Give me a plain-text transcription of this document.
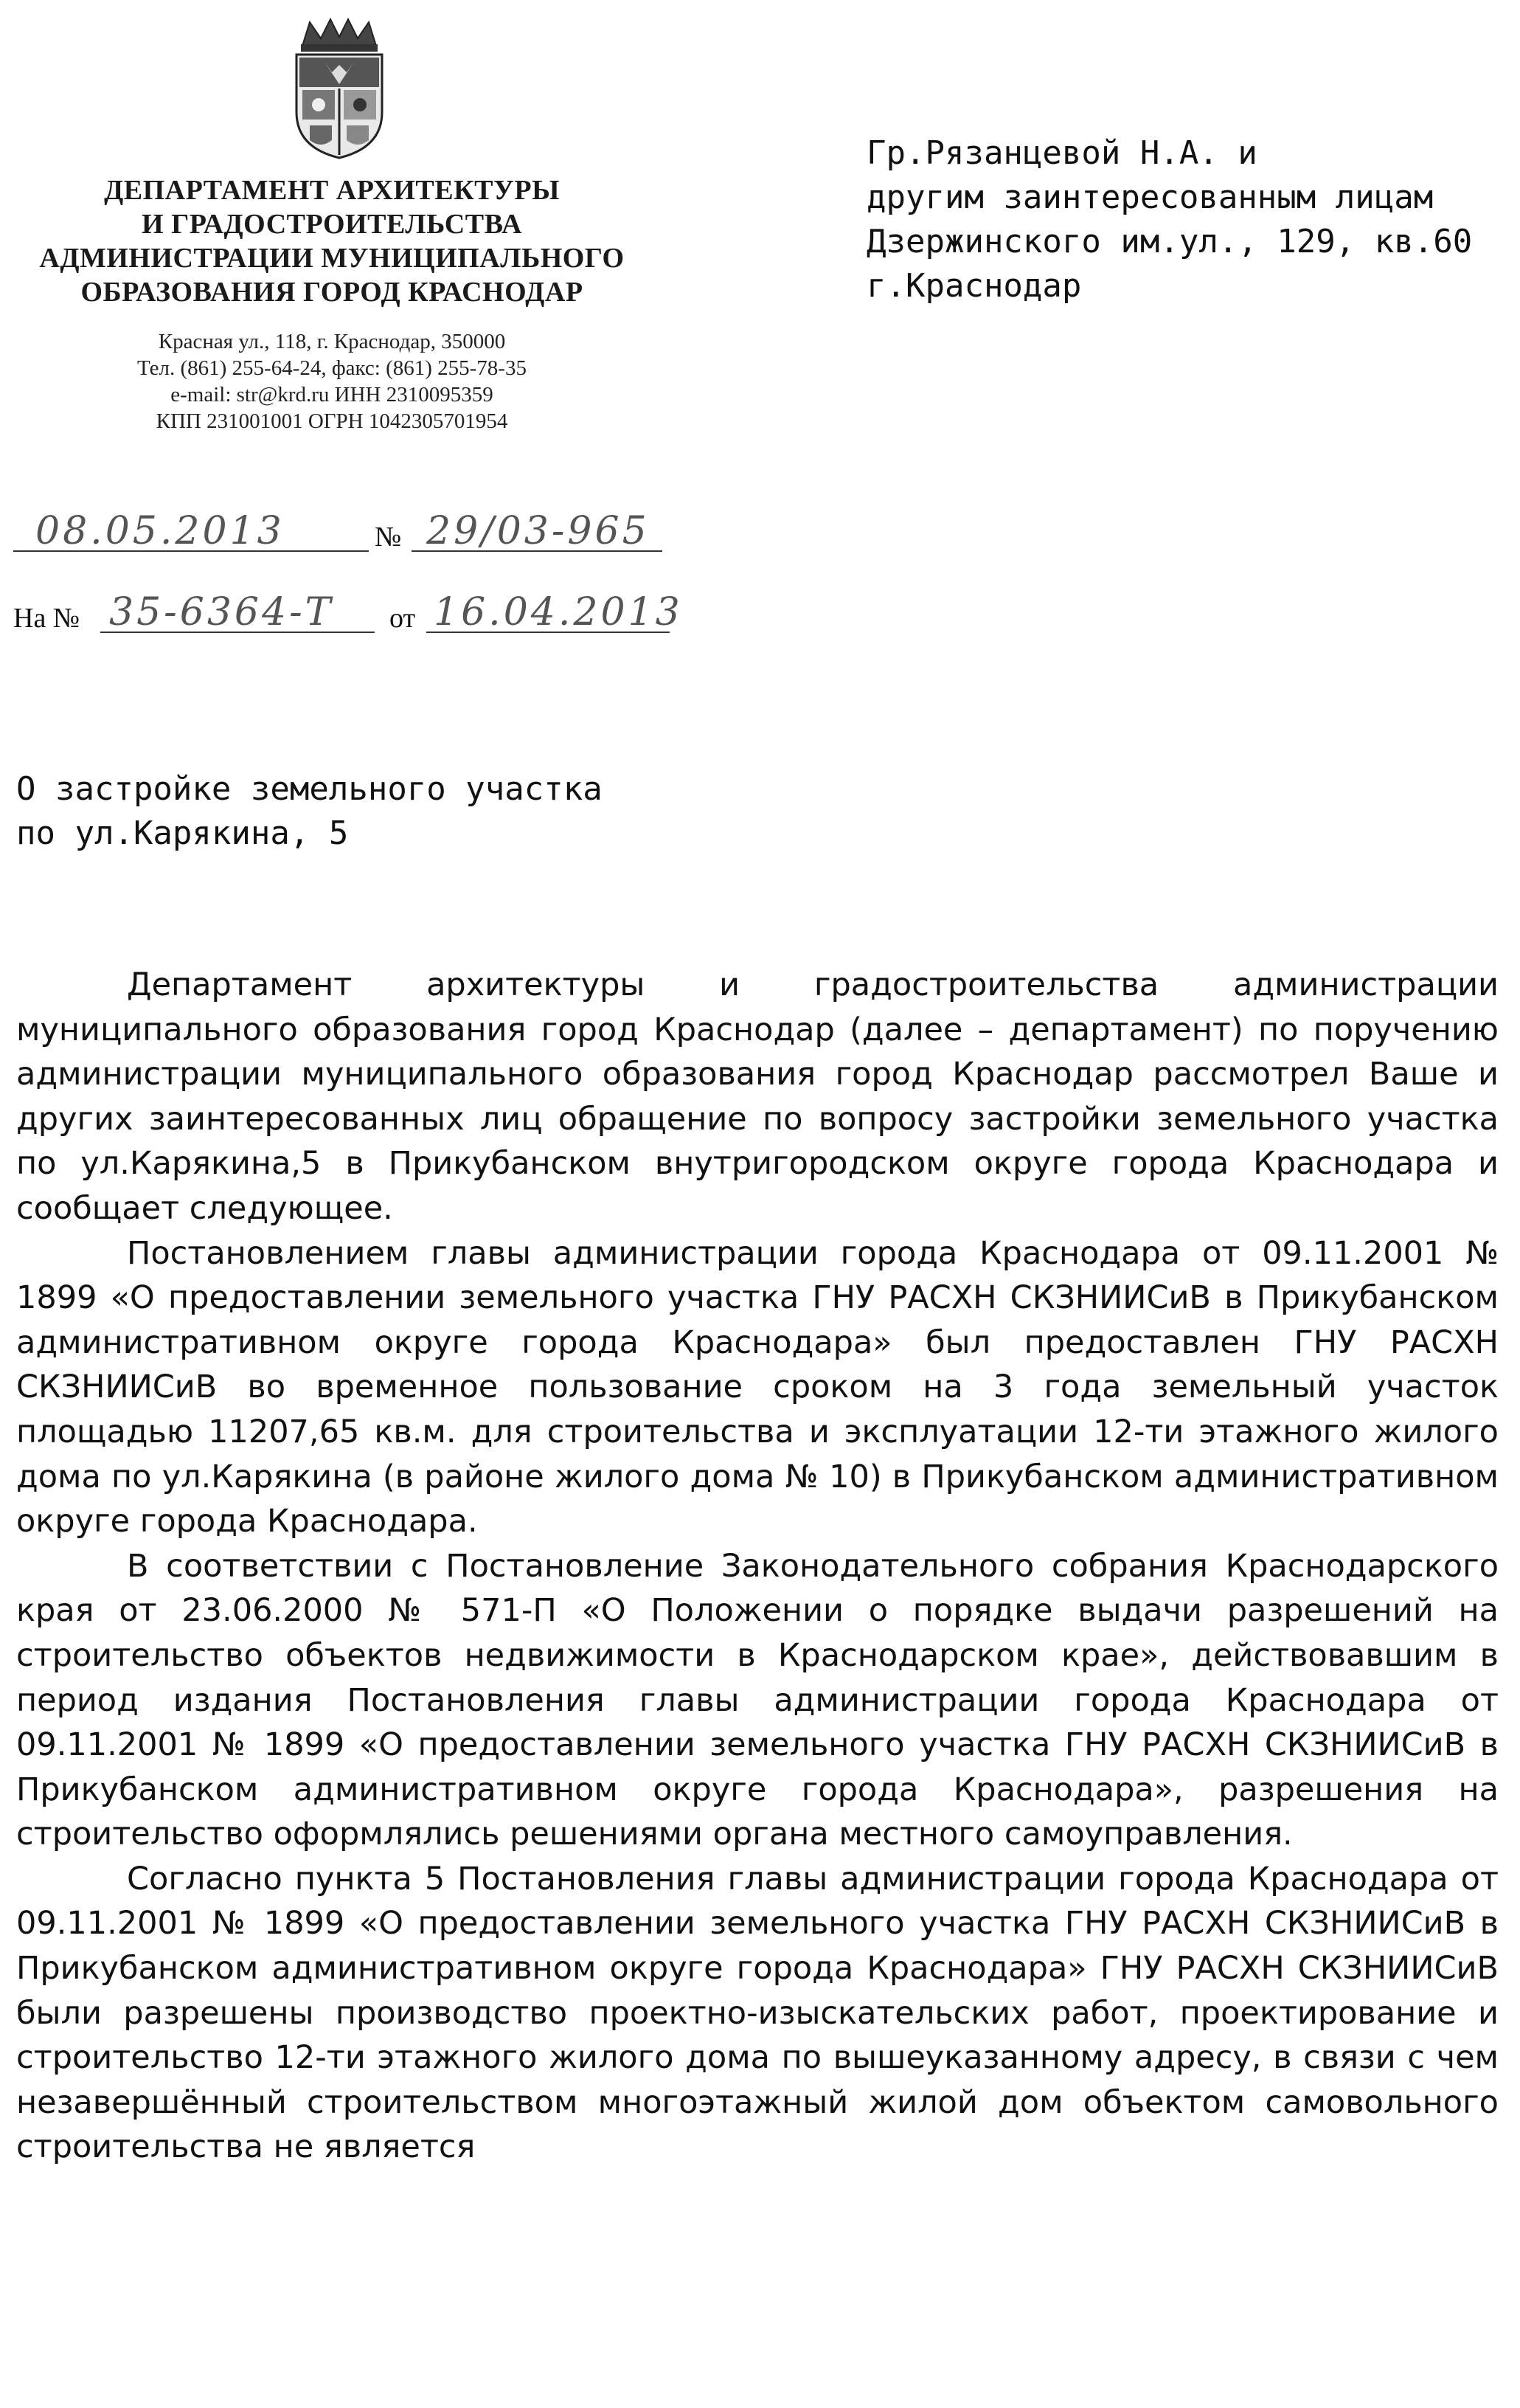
ДЕПАРТАМЕНТ АРХИТЕКТУРЫ
И ГРАДОСТРОИТЕЛЬСТВА
АДМИНИСТРАЦИИ МУНИЦИПАЛЬНОГО
ОБРАЗОВАНИЯ ГОРОД КРАСНОДАР
Красная ул., 118, г. Краснодар, 350000
Тел. (861) 255-64-24, факс: (861) 255-78-35
e-mail: str@krd.ru ИНН 2310095359
КПП 231001001 ОГРН 1042305701954
Гр.Рязанцевой Н.А. и
другим заинтересованным лицам
Дзержинского им.ул., 129, кв.60
г.Краснодар
08.05.2013	№ 29/03-965
На № 35-6364-Т от 16.04.2013
О застройке земельного участка
по ул.Карякина, 5

Департамент архитектуры и градостроительства администрации муниципального образования город Краснодар (далее – департамент) по поручению администрации муниципального образования город Краснодар рассмотрел Ваше и других заинтересованных лиц обращение по вопросу застройки земельного участка по ул.Карякина,5 в Прикубанском внутригородском округе города Краснодара и сообщает следующее.

Постановлением главы администрации города Краснодара от 09.11.2001 № 1899 «О предоставлении земельного участка ГНУ РАСХН СКЗНИИСиВ в Прикубанском административном округе города Краснодара» был предоставлен ГНУ РАСХН СКЗНИИСиВ во временное пользование сроком на 3 года земельный участок площадью 11207,65 кв.м. для строительства и эксплуатации 12-ти этажного жилого дома по ул.Карякина (в районе жилого дома № 10) в Прикубанском административном округе города Краснодара.

В соответствии с Постановление Законодательного собрания Краснодарского края от 23.06.2000 № 571-П «О Положении о порядке выдачи разрешений на строительство объектов недвижимости в Краснодарском крае», действовавшим в период издания Постановления главы администрации города Краснодара от 09.11.2001 № 1899 «О предоставлении земельного участка ГНУ РАСХН СКЗНИИСиВ в Прикубанском административном округе города Краснодара», разрешения на строительство оформлялись решениями органа местного самоуправления.

Согласно пункта 5 Постановления главы администрации города Краснодара от 09.11.2001 № 1899 «О предоставлении земельного участка ГНУ РАСХН СКЗНИИСиВ в Прикубанском административном округе города Краснодара» ГНУ РАСХН СКЗНИИСиВ были разрешены производство проектно-изыскательских работ, проектирование и строительство 12-ти этажного жилого дома по вышеуказанному адресу, в связи с чем незавершённый строительством многоэтажный жилой дом объектом самовольного строительства не является
